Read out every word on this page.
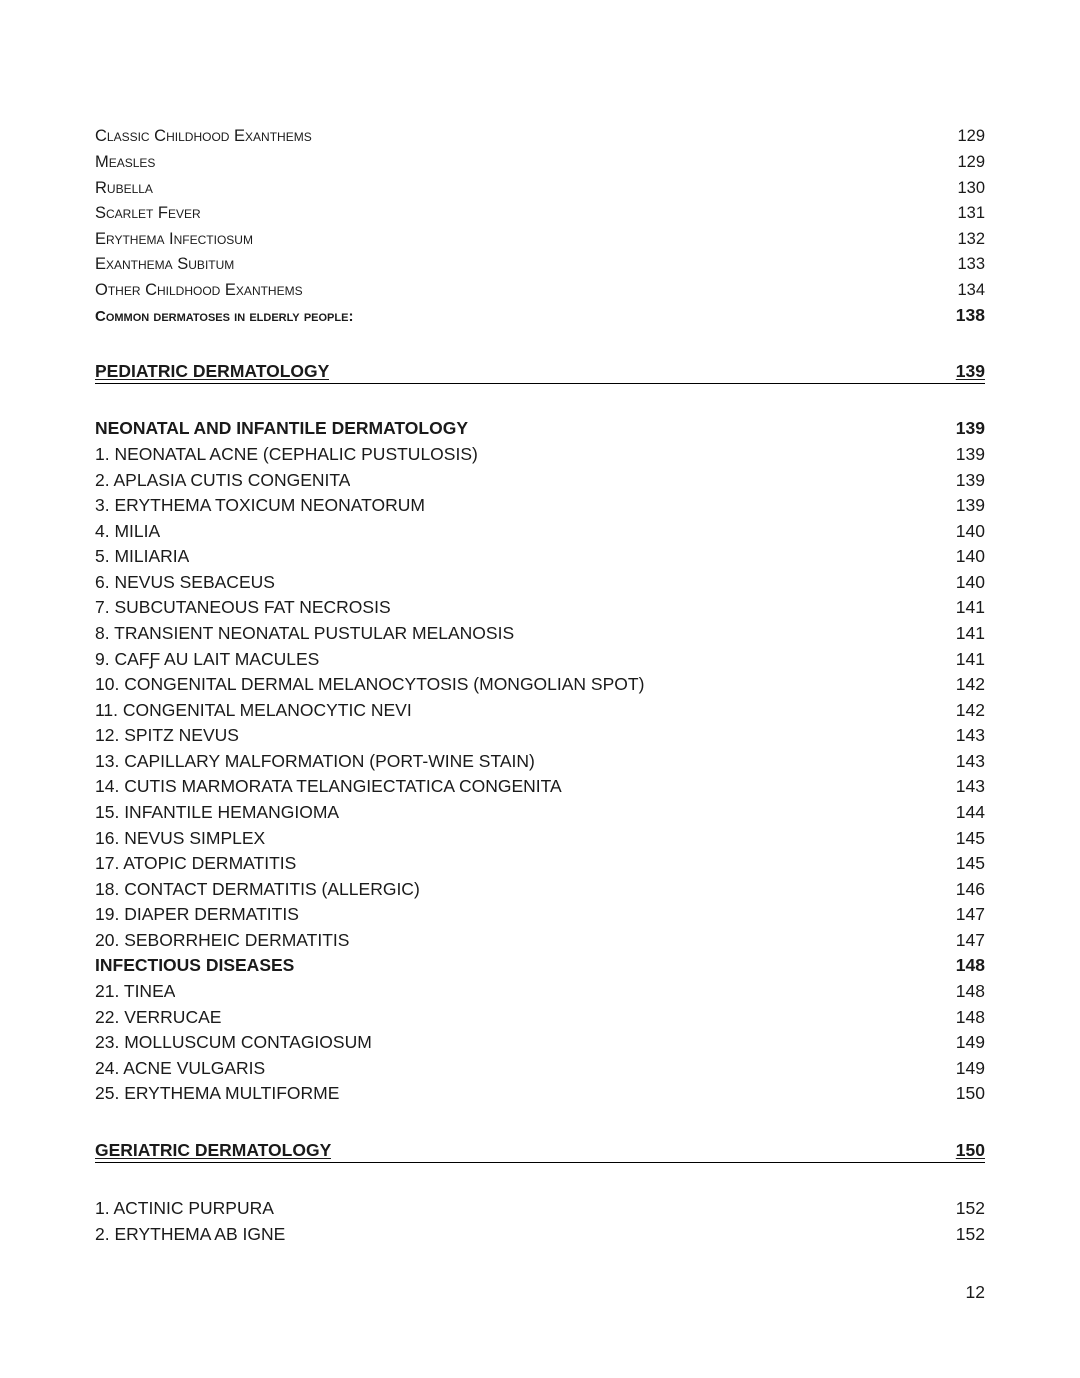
Classic Childhood Exanthems	129
Measles	129
Rubella	130
Scarlet Fever	131
Erythema Infectiosum	132
Exanthema Subitum	133
Other Childhood Exanthems	134
Common dermatoses in elderly people:	138
PEDIATRIC DERMATOLOGY	139
NEONATAL AND INFANTILE DERMATOLOGY	139
1. NEONATAL ACNE (CEPHALIC PUSTULOSIS)	139
2. APLASIA CUTIS CONGENITA	139
3. ERYTHEMA TOXICUM NEONATORUM	139
4. MILIA	140
5. MILIARIA	140
6. NEVUS SEBACEUS	140
7. SUBCUTANEOUS FAT NECROSIS	141
8. TRANSIENT NEONATAL PUSTULAR MELANOSIS	141
9. CAFƑ AU LAIT MACULES	141
10. CONGENITAL DERMAL MELANOCYTOSIS (MONGOLIAN SPOT)	142
11. CONGENITAL MELANOCYTIC NEVI	142
12. SPITZ NEVUS	143
13. CAPILLARY MALFORMATION (PORT-WINE STAIN)	143
14. CUTIS MARMORATA TELANGIECTATICA CONGENITA	143
15. INFANTILE HEMANGIOMA	144
16. NEVUS SIMPLEX	145
17. ATOPIC DERMATITIS	145
18. CONTACT DERMATITIS (ALLERGIC)	146
19. DIAPER DERMATITIS	147
20. SEBORRHEIC DERMATITIS	147
INFECTIOUS DISEASES	148
21. TINEA	148
22. VERRUCAE	148
23. MOLLUSCUM CONTAGIOSUM	149
24. ACNE VULGARIS	149
25. ERYTHEMA MULTIFORME	150
GERIATRIC DERMATOLOGY	150
1. ACTINIC PURPURA	152
2. ERYTHEMA AB IGNE	152
12
